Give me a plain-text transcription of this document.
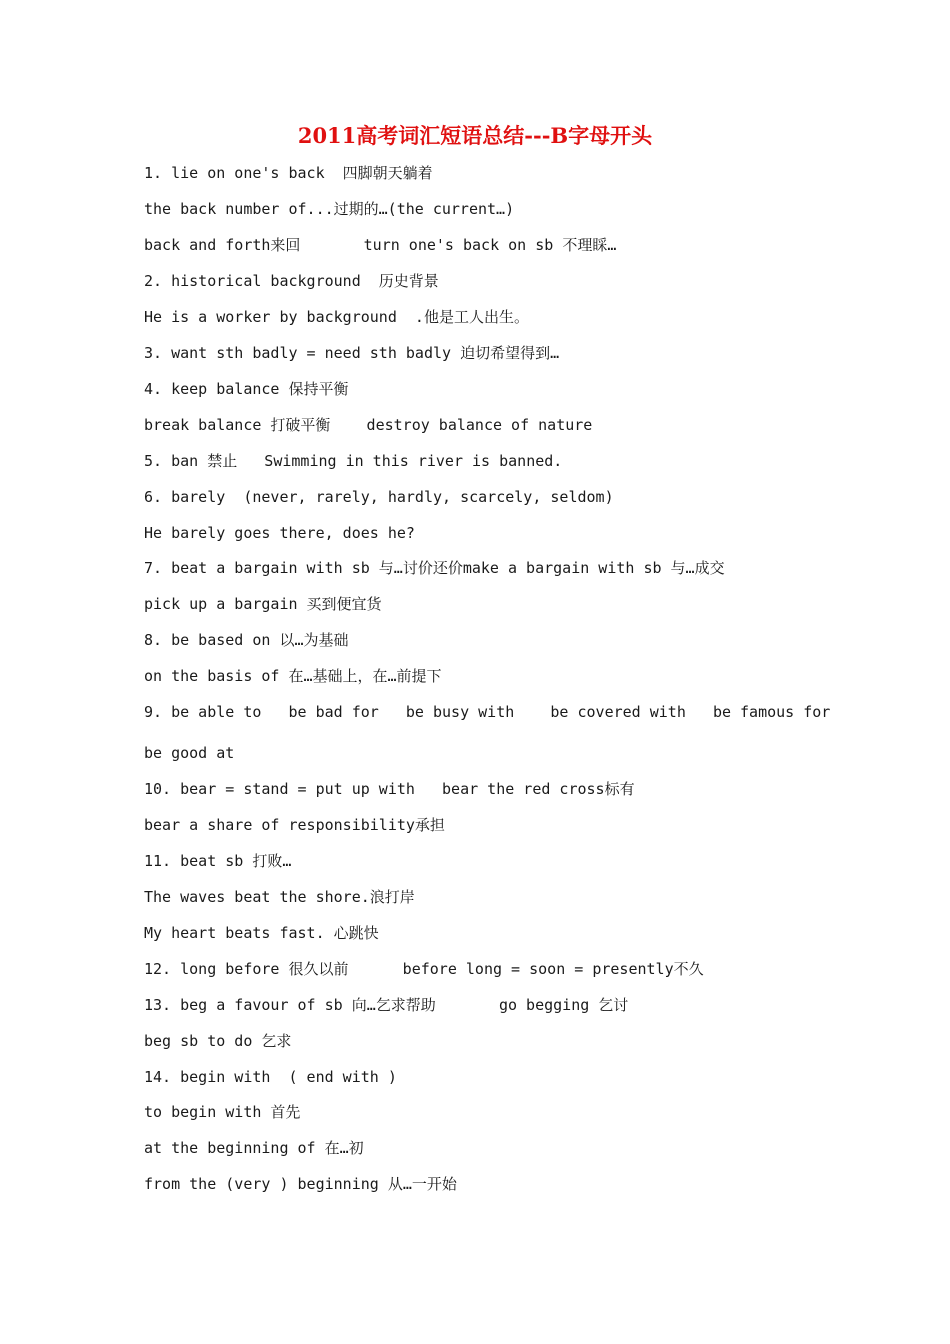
2011高考词汇短语总结---B字母开头

1. lie on one's back  四脚朝天躺着

the back number of...过期的…(the current…)

back and forth来回       turn one's back on sb 不理睬…

2. historical background  历史背景

He is a worker by background  .他是工人出生。

3. want sth badly = need sth badly 迫切希望得到…

4. keep balance 保持平衡

break balance 打破平衡    destroy balance of nature

5. ban 禁止   Swimming in this river is banned.

6. barely  (never, rarely, hardly, scarcely, seldom)

He barely goes there, does he?

7. beat a bargain with sb 与…讨价还价make a bargain with sb 与…成交

pick up a bargain 买到便宜货

8. be based on 以…为基础

on the basis of 在…基础上，在…前提下

9. be able to   be bad for   be busy with    be covered with   be famous for

be good at

10. bear = stand = put up with   bear the red cross标有

bear a share of responsibility承担

11. beat sb 打败…

The waves beat the shore.浪打岸

My heart beats fast. 心跳快

12. long before 很久以前      before long = soon = presently不久

13. beg a favour of sb 向…乞求帮助       go begging 乞讨

beg sb to do 乞求

14. begin with  ( end with )

to begin with 首先

at the beginning of 在…初

from the (very ) beginning 从…一开始
